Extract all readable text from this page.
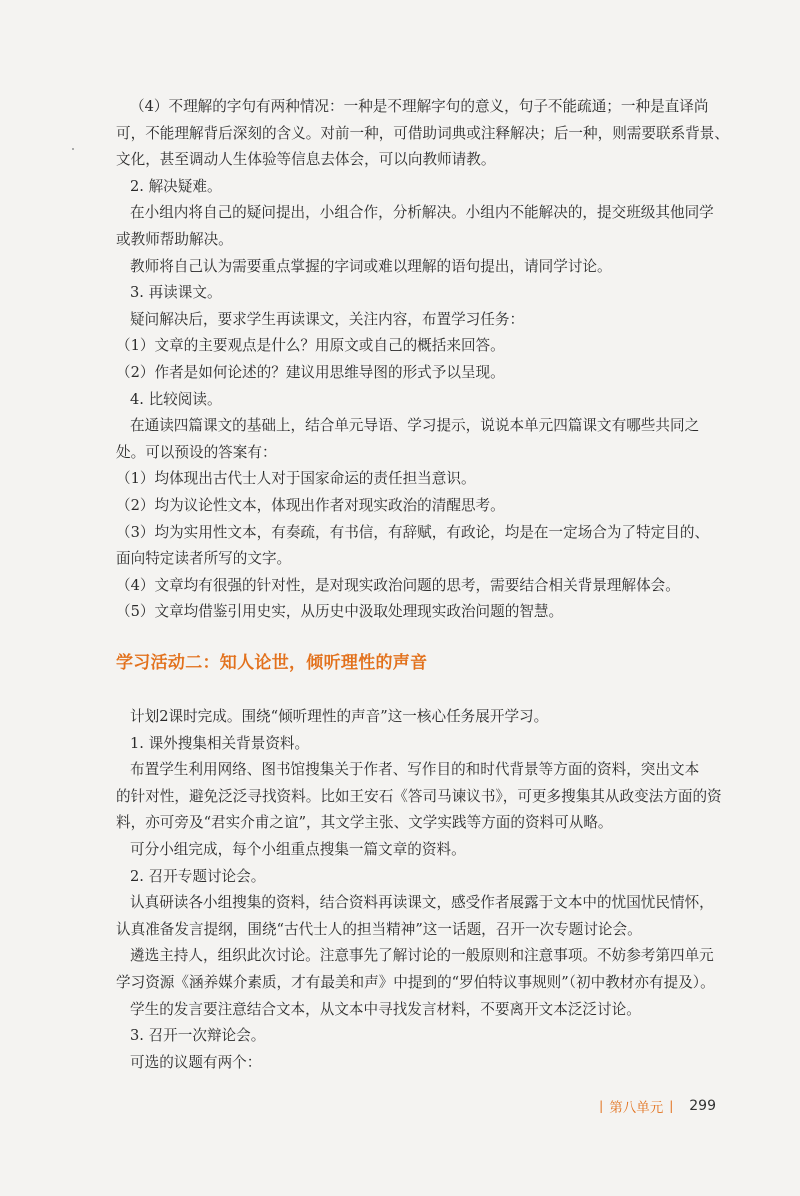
（4）不理解的字句有两种情况：一种是不理解字句的意义，句子不能疏通；一种是直译尚

可，不能理解背后深刻的含义。对前一种，可借助词典或注释解决；后一种，则需要联系背景、

文化，甚至调动人生体验等信息去体会，可以向教师请教。

2. 解决疑难。

在小组内将自己的疑问提出，小组合作，分析解决。小组内不能解决的，提交班级其他同学

或教师帮助解决。

教师将自己认为需要重点掌握的字词或难以理解的语句提出，请同学讨论。

3. 再读课文。

疑问解决后，要求学生再读课文，关注内容，布置学习任务：

（1）文章的主要观点是什么？用原文或自己的概括来回答。

（2）作者是如何论述的？建议用思维导图的形式予以呈现。

4. 比较阅读。

在通读四篇课文的基础上，结合单元导语、学习提示，说说本单元四篇课文有哪些共同之

处。可以预设的答案有：

（1）均体现出古代士人对于国家命运的责任担当意识。

（2）均为议论性文本，体现出作者对现实政治的清醒思考。

（3）均为实用性文本，有奏疏，有书信，有辞赋，有政论，均是在一定场合为了特定目的、

面向特定读者所写的文字。

（4）文章均有很强的针对性，是对现实政治问题的思考，需要结合相关背景理解体会。

（5）文章均借鉴引用史实，从历史中汲取处理现实政治问题的智慧。

学习活动二：知人论世，倾听理性的声音

计划2课时完成。围绕“倾听理性的声音”这一核心任务展开学习。

1. 课外搜集相关背景资料。

布置学生利用网络、图书馆搜集关于作者、写作目的和时代背景等方面的资料，突出文本

的针对性，避免泛泛寻找资料。比如王安石《答司马谏议书》，可更多搜集其从政变法方面的资

料，亦可旁及“君实介甫之谊”，其文学主张、文学实践等方面的资料可从略。

可分小组完成，每个小组重点搜集一篇文章的资料。

2. 召开专题讨论会。

认真研读各小组搜集的资料，结合资料再读课文，感受作者展露于文本中的忧国忧民情怀，

认真准备发言提纲，围绕“古代士人的担当精神”这一话题，召开一次专题讨论会。

遴选主持人，组织此次讨论。注意事先了解讨论的一般原则和注意事项。不妨参考第四单元

学习资源《涵养媒介素质，才有最美和声》中提到的“罗伯特议事规则”（初中教材亦有提及）。

学生的发言要注意结合文本，从文本中寻找发言材料，不要离开文本泛泛讨论。

3. 召开一次辩论会。

可选的议题有两个：

| 第八单元 | 299
